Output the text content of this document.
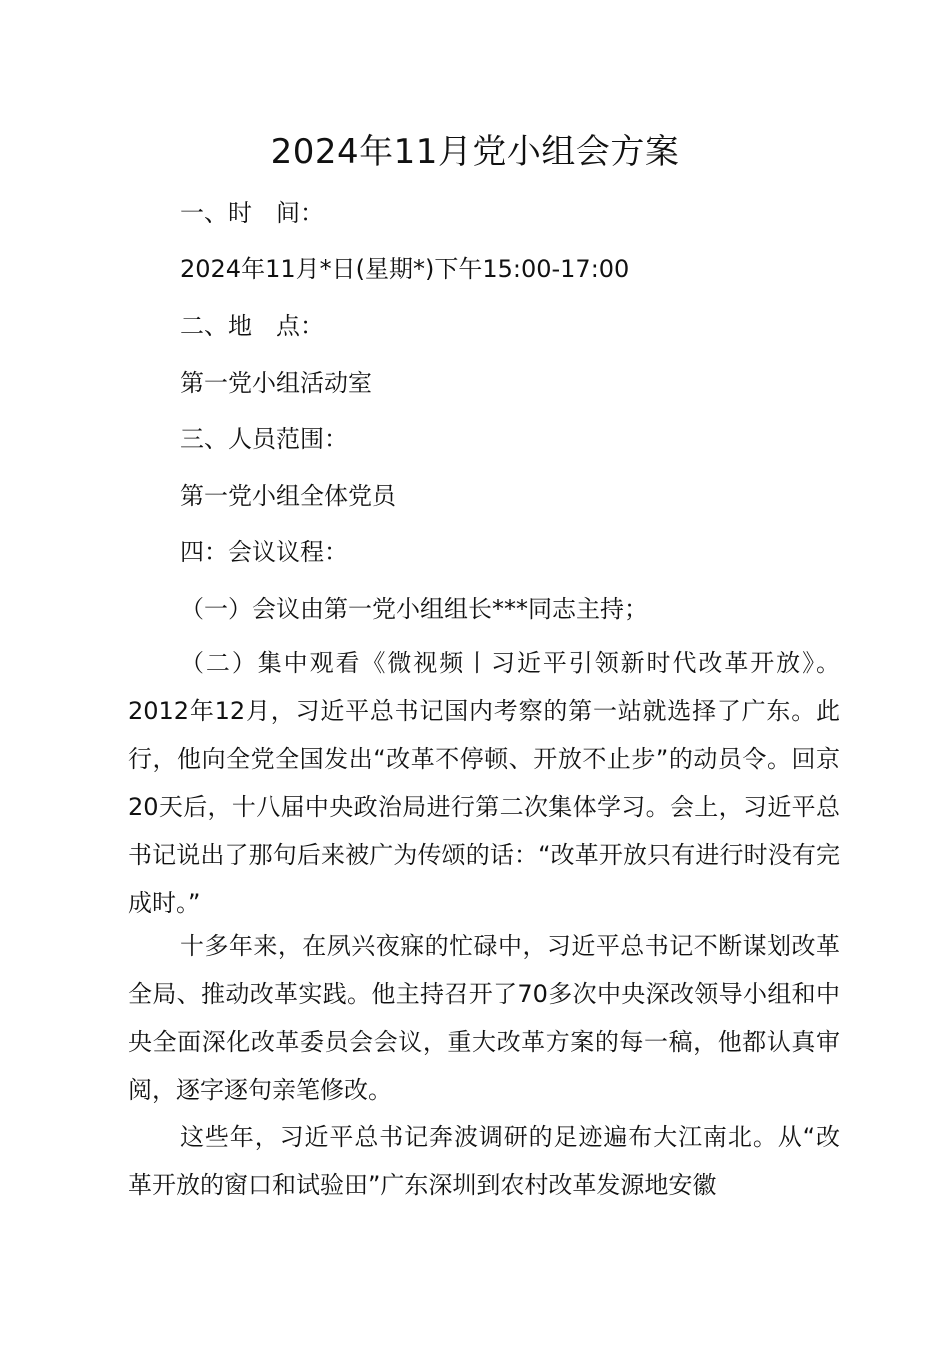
2024年11月党小组会方案
一、时　间：
2024年11月*日(星期*)下午15:00-17:00
二、地　点：
第一党小组活动室
三、人员范围：
第一党小组全体党员
四：会议议程：
（一）会议由第一党小组组长***同志主持；
（二）集中观看《微视频丨习近平引领新时代改革开放》。2012年12月，习近平总书记国内考察的第一站就选择了广东。此行，他向全党全国发出“改革不停顿、开放不止步”的动员令。回京20天后，十八届中央政治局进行第二次集体学习。会上，习近平总书记说出了那句后来被广为传颂的话：“改革开放只有进行时没有完成时。”
十多年来，在夙兴夜寐的忙碌中，习近平总书记不断谋划改革全局、推动改革实践。他主持召开了70多次中央深改领导小组和中央全面深化改革委员会会议，重大改革方案的每一稿，他都认真审阅，逐字逐句亲笔修改。
这些年，习近平总书记奔波调研的足迹遍布大江南北。从“改革开放的窗口和试验田”广东深圳到农村改革发源地安徽
